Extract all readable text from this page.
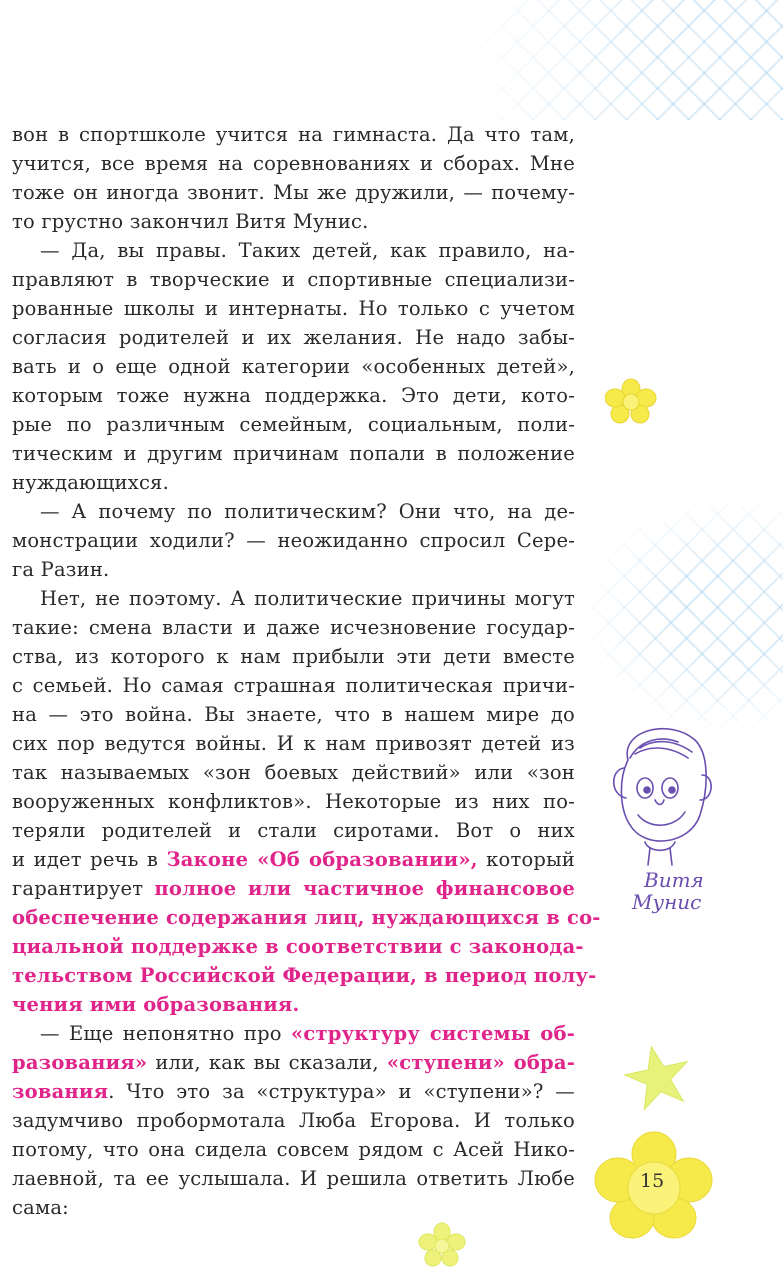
вон в спортшколе учится на гимнаста. Да что там,
учится, все время на соревнованиях и сборах. Мне
тоже он иногда звонит. Мы же дружили, — почему-
то грустно закончил Витя Мунис.
— Да, вы правы. Таких детей, как правило, на-
правляют в творческие и спортивные специализи-
рованные школы и интернаты. Но только с учетом
согласия родителей и их желания. Не надо забы-
вать и о еще одной категории «особенных детей»,
которым тоже нужна поддержка. Это дети, кото-
рые по различным семейным, социальным, поли-
тическим и другим причинам попали в положение
нуждающихся.
— А почему по политическим? Они что, на де-
монстрации ходили? — неожиданно спросил Сере-
га Разин.
Нет, не поэтому. А политические причины могут
такие: смена власти и даже исчезновение государ-
ства, из которого к нам прибыли эти дети вместе
с семьей. Но самая страшная политическая причи-
на — это война. Вы знаете, что в нашем мире до
сих пор ведутся войны. И к нам привозят детей из
так называемых «зон боевых действий» или «зон
вооруженных конфликтов». Некоторые из них по-
теряли родителей и стали сиротами. Вот о них
и идет речь в Законе «Об образовании», который
гарантирует полное или частичное финансовое
обеспечение содержания лиц, нуждающихся в со-
циальной поддержке в соответствии с законода-
тельством Российской Федерации, в период полу-
чения ими образования.
— Еще непонятно про «структуру системы об-
разования» или, как вы сказали, «ступени» обра-
зования. Что это за «структура» и «ступени»? —
задумчиво пробормотала Люба Егорова. И только
потому, что она сидела совсем рядом с Асей Нико-
лаевной, та ее услышала. И решила ответить Любе
сама:
Витя
Мунис
15
